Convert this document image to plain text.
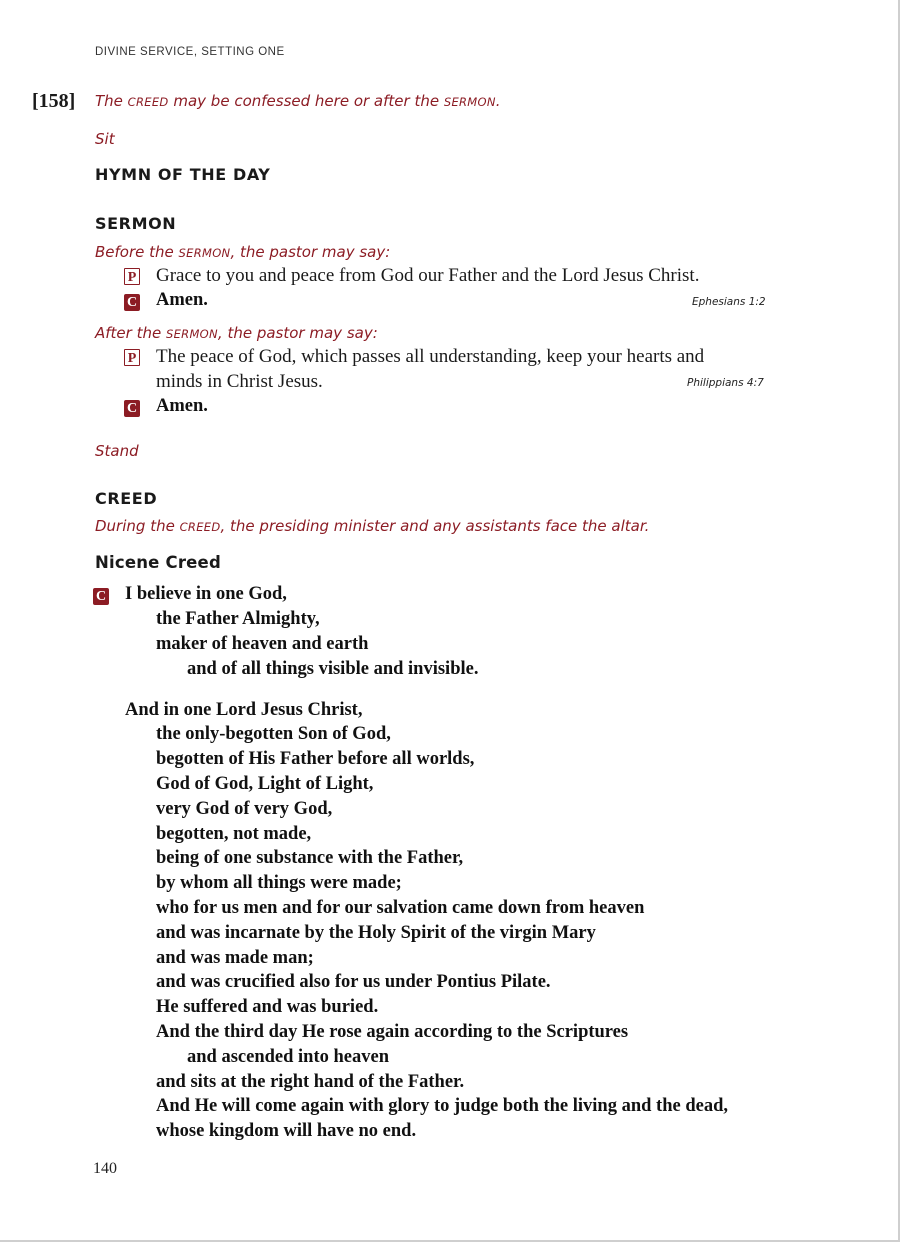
DIVINE SERVICE, SETTING ONE
[158] The CREED may be confessed here or after the SERMON.
Sit
HYMN OF THE DAY
SERMON
Before the SERMON, the pastor may say:
P Grace to you and peace from God our Father and the Lord Jesus Christ.
C Amen.	Ephesians 1:2
After the SERMON, the pastor may say:
P The peace of God, which passes all understanding, keep your hearts and
minds in Christ Jesus.	Philippians 4:7
C Amen.
Stand
CREED
During the CREED, the presiding minister and any assistants face the altar.
Nicene Creed
C I believe in one God,
the Father Almighty,
maker of heaven and earth
and of all things visible and invisible.
And in one Lord Jesus Christ,
the only-begotten Son of God,
begotten of His Father before all worlds,
God of God, Light of Light,
very God of very God,
begotten, not made,
being of one substance with the Father,
by whom all things were made;
who for us men and for our salvation came down from heaven
and was incarnate by the Holy Spirit of the virgin Mary
and was made man;
and was crucified also for us under Pontius Pilate.
He suffered and was buried.
And the third day He rose again according to the Scriptures
and ascended into heaven
and sits at the right hand of the Father.
And He will come again with glory to judge both the living and the dead,
whose kingdom will have no end.
140
